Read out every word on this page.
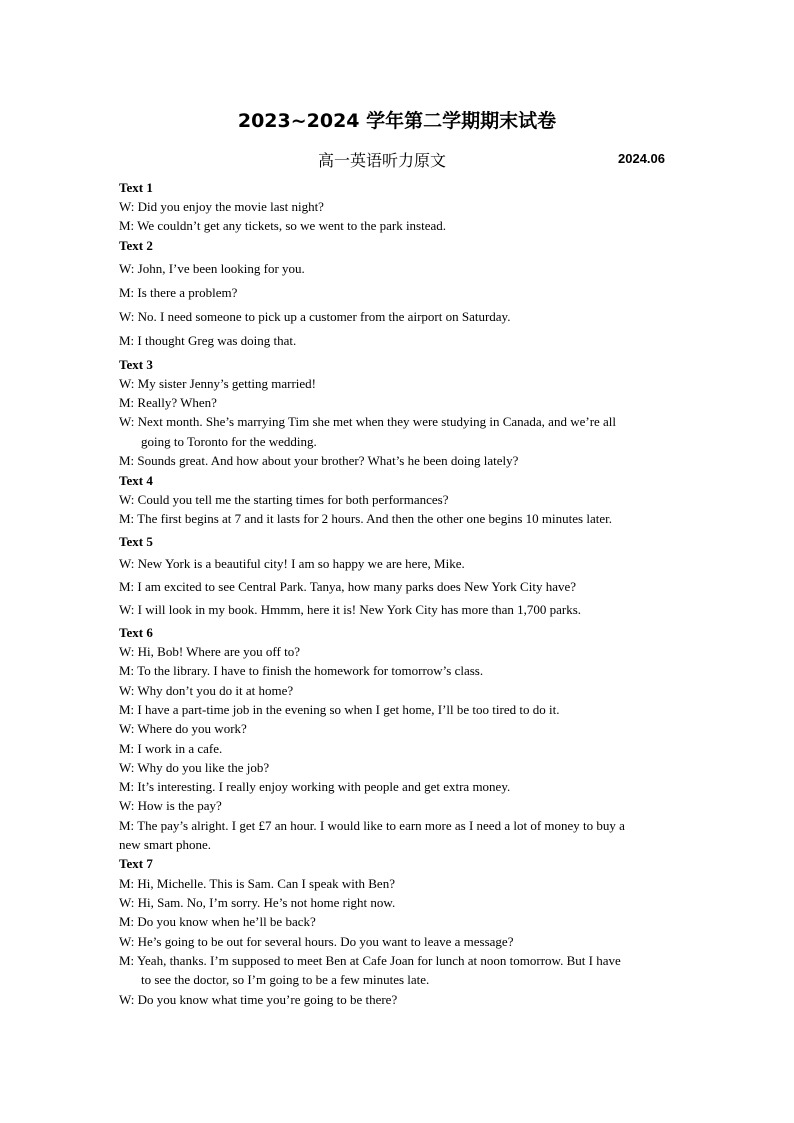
2023~2024 学年第二学期期末试卷
高一英语听力原文	2024.06
Text 1
W: Did you enjoy the movie last night?
M: We couldn’t get any tickets, so we went to the park instead.
Text 2
W: John, I’ve been looking for you.
M: Is there a problem?
W: No. I need someone to pick up a customer from the airport on Saturday.
M: I thought Greg was doing that.
Text 3
W: My sister Jenny’s getting married!
M: Really? When?
W: Next month. She’s marrying Tim she met when they were studying in Canada, and we’re all
going to Toronto for the wedding.
M: Sounds great. And how about your brother? What’s he been doing lately?
Text 4
W: Could you tell me the starting times for both performances?
M: The first begins at 7 and it lasts for 2 hours. And then the other one begins 10 minutes later.
Text 5
W: New York is a beautiful city! I am so happy we are here, Mike.
M: I am excited to see Central Park. Tanya, how many parks does New York City have?
W: I will look in my book. Hmmm, here it is! New York City has more than 1,700 parks.
Text 6
W: Hi, Bob! Where are you off to?
M: To the library. I have to finish the homework for tomorrow’s class.
W: Why don’t you do it at home?
M: I have a part-time job in the evening so when I get home, I’ll be too tired to do it.
W: Where do you work?
M: I work in a cafe.
W: Why do you like the job?
M: It’s interesting. I really enjoy working with people and get extra money.
W: How is the pay?
M: The pay’s alright. I get £7 an hour. I would like to earn more as I need a lot of money to buy a
new smart phone.
Text 7
M: Hi, Michelle. This is Sam. Can I speak with Ben?
W: Hi, Sam. No, I’m sorry. He’s not home right now.
M: Do you know when he’ll be back?
W: He’s going to be out for several hours. Do you want to leave a message?
M: Yeah, thanks. I’m supposed to meet Ben at Cafe Joan for lunch at noon tomorrow. But I have
to see the doctor, so I’m going to be a few minutes late.
W: Do you know what time you’re going to be there?
